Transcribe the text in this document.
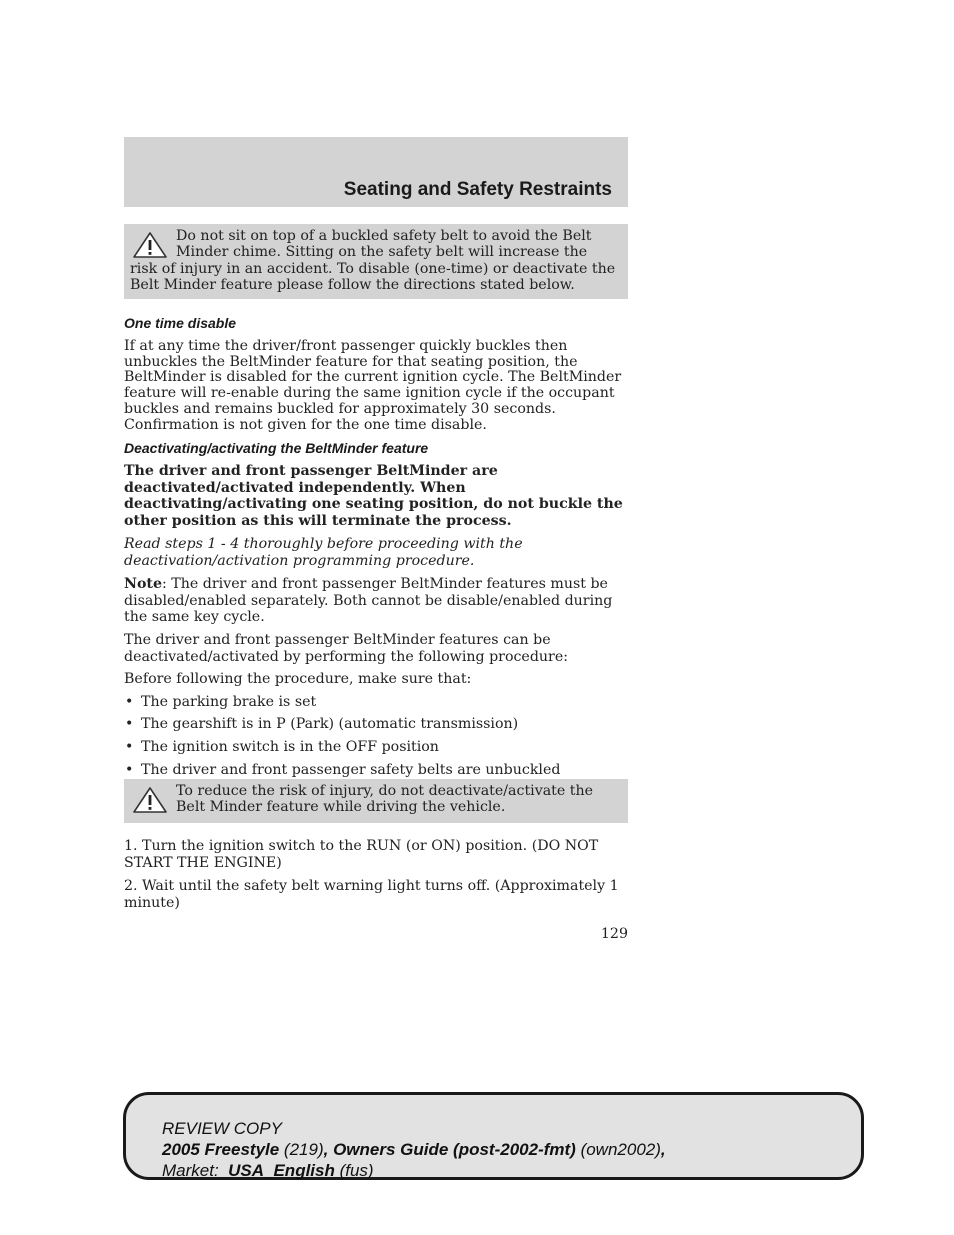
Seating and Safety Restraints

Do not sit on top of a buckled safety belt to avoid the Belt Minder chime. Sitting on the safety belt will increase the risk of injury in an accident. To disable (one-time) or deactivate the Belt Minder feature please follow the directions stated below.

One time disable

If at any time the driver/front passenger quickly buckles then unbuckles the BeltMinder feature for that seating position, the BeltMinder is disabled for the current ignition cycle. The BeltMinder feature will re-enable during the same ignition cycle if the occupant buckles and remains buckled for approximately 30 seconds. Confirmation is not given for the one time disable.

Deactivating/activating the BeltMinder feature

The driver and front passenger BeltMinder are deactivated/activated independently. When deactivating/activating one seating position, do not buckle the other position as this will terminate the process.

Read steps 1 - 4 thoroughly before proceeding with the deactivation/activation programming procedure.

Note: The driver and front passenger BeltMinder features must be disabled/enabled separately. Both cannot be disable/enabled during the same key cycle.

The driver and front passenger BeltMinder features can be deactivated/activated by performing the following procedure:

Before following the procedure, make sure that:

• The parking brake is set
• The gearshift is in P (Park) (automatic transmission)
• The ignition switch is in the OFF position
• The driver and front passenger safety belts are unbuckled

To reduce the risk of injury, do not deactivate/activate the Belt Minder feature while driving the vehicle.

1. Turn the ignition switch to the RUN (or ON) position. (DO NOT START THE ENGINE)

2. Wait until the safety belt warning light turns off. (Approximately 1 minute)

129
REVIEW COPY
2005 Freestyle (219), Owners Guide (post-2002-fmt) (own2002),
Market:  USA_English (fus)
